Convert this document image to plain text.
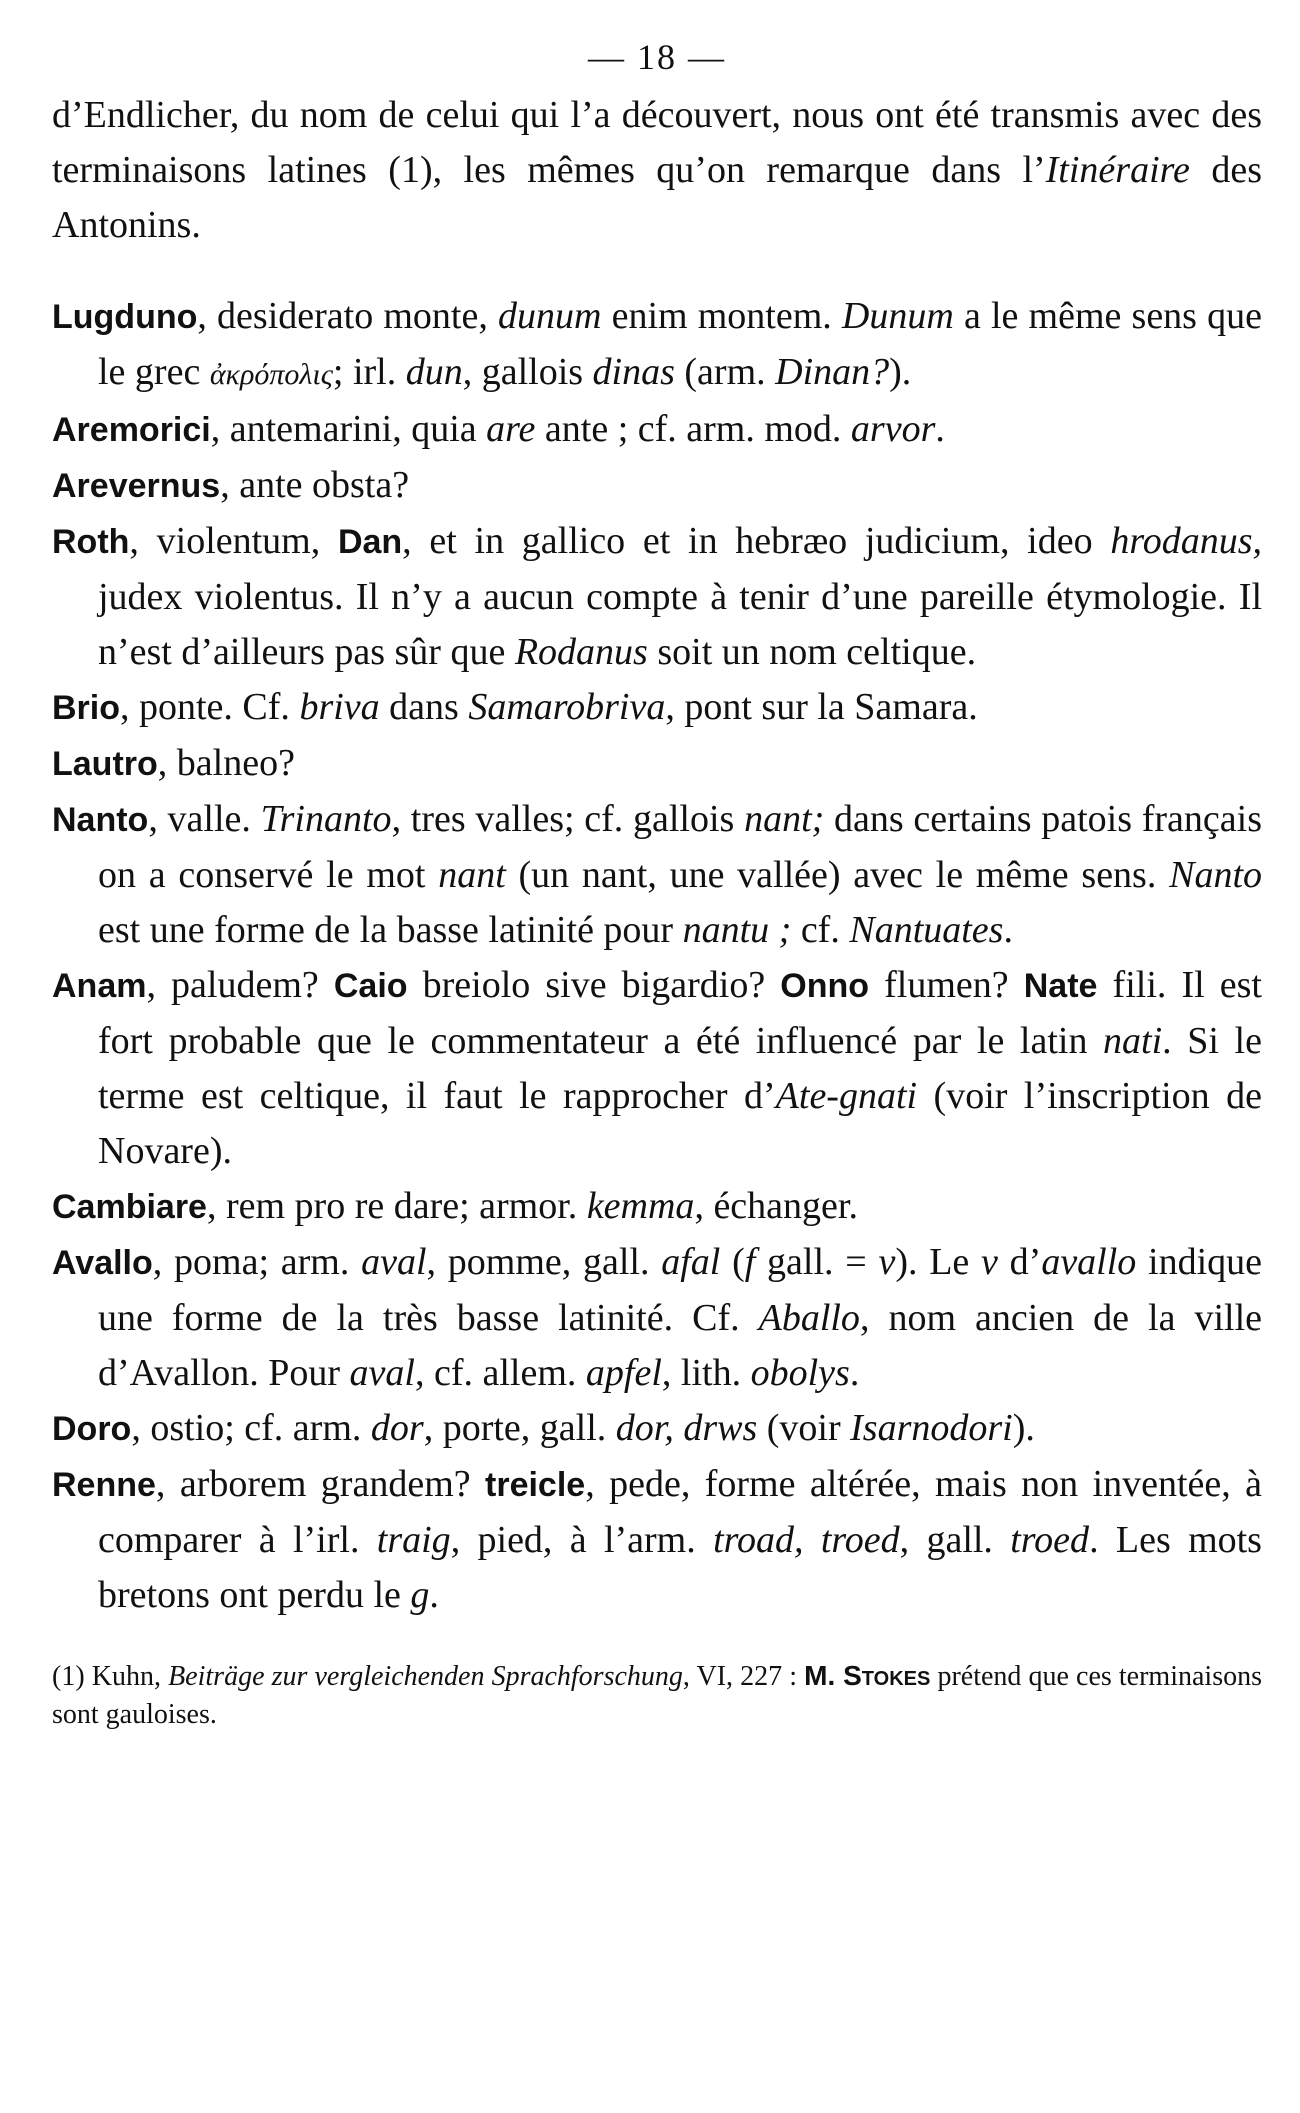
— 18 —

d’Endlicher, du nom de celui qui l’a découvert, nous ont été transmis avec des terminaisons latines (1), les mêmes qu’on remarque dans l’Itinéraire des Antonins.

Lugduno, desiderato monte, dunum enim montem. Dunum a le même sens que le grec ἀκρόπολις; irl. dun, gallois dinas (arm. Dinan?).

Aremorici, antemarini, quia are ante ; cf. arm. mod. arvor.

Arevernus, ante obsta?

Roth, violentum, Dan, et in gallico et in hebræo judicium, ideo hrodanus, judex violentus. Il n’y a aucun compte à tenir d’une pareille étymologie. Il n’est d’ailleurs pas sûr que Rodanus soit un nom celtique.

Brio, ponte. Cf. briva dans Samarobriva, pont sur la Samara.

Lautro, balneo?

Nanto, valle. Trinanto, tres valles; cf. gallois nant; dans certains patois français on a conservé le mot nant (un nant, une vallée) avec le même sens. Nanto est une forme de la basse latinité pour nantu ; cf. Nantuates.

Anam, paludem? Caio breiolo sive bigardio? Onno flumen? Nate fili. Il est fort probable que le commentateur a été influencé par le latin nati. Si le terme est celtique, il faut le rapprocher d’Ate-gnati (voir l’inscription de Novare).

Cambiare, rem pro re dare; armor. kemma, échanger.

Avallo, poma; arm. aval, pomme, gall. afal (f gall. = v). Le v d’avallo indique une forme de la très basse latinité. Cf. Aballo, nom ancien de la ville d’Avallon. Pour aval, cf. allem. apfel, lith. obolys.

Doro, ostio; cf. arm. dor, porte, gall. dor, drws (voir Isarnodori).

Renne, arborem grandem? treicle, pede, forme altérée, mais non inventée, à comparer à l’irl. traig, pied, à l’arm. troad, troed, gall. troed. Les mots bretons ont perdu le g.

(1) Kuhn, Beiträge zur vergleichenden Sprachforschung, VI, 227 : M. Stokes prétend que ces terminaisons sont gauloises.
